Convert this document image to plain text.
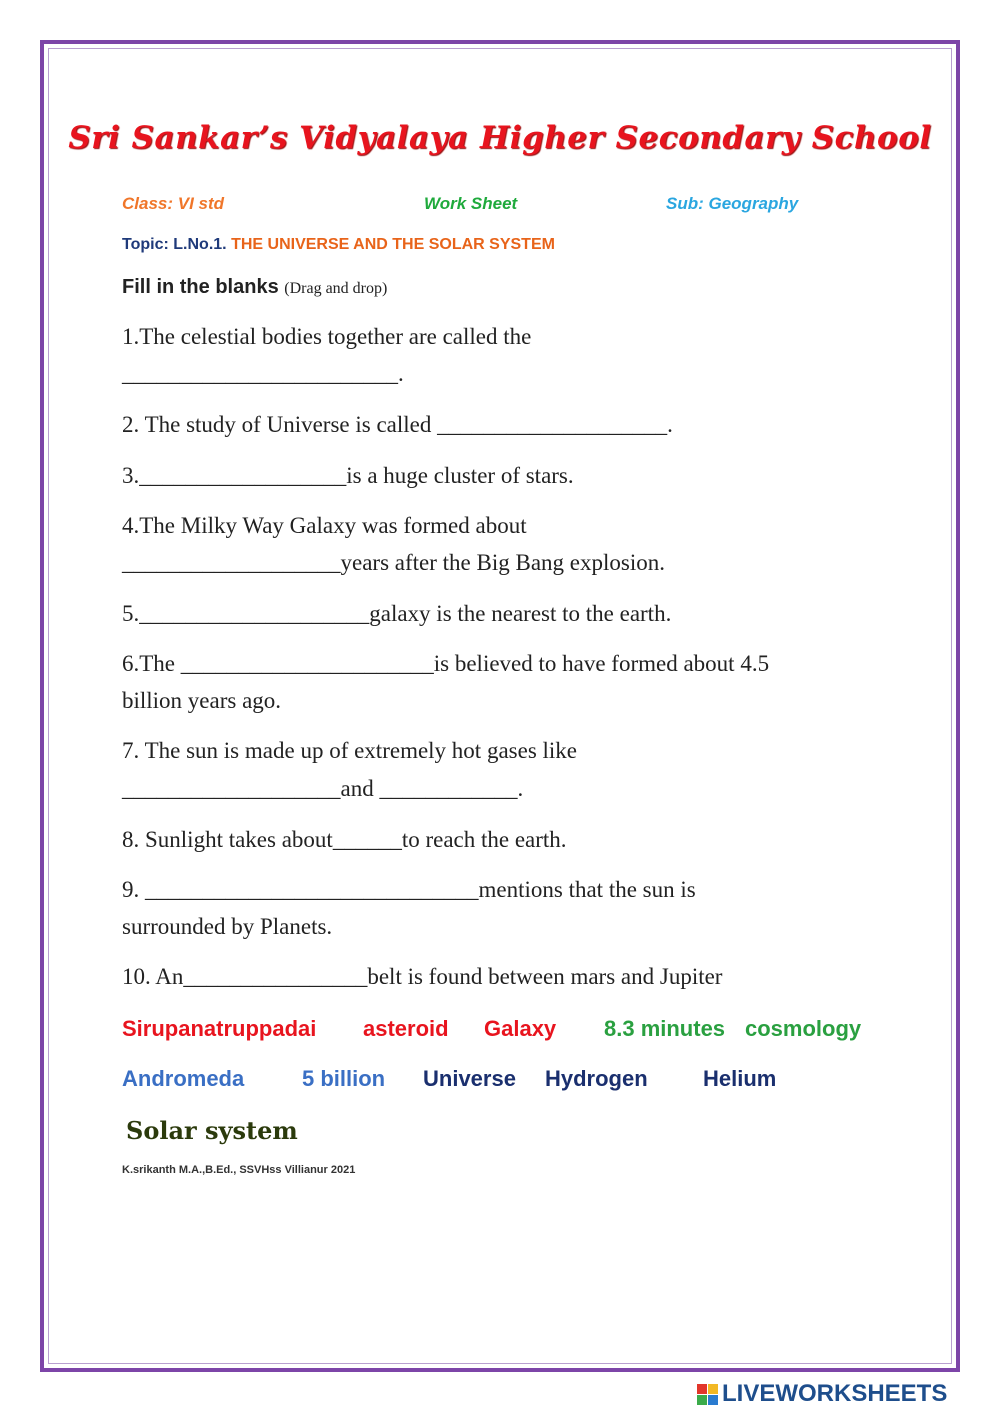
Sri Sankar’s Vidyalaya Higher Secondary School
Class: VI std	Work Sheet	Sub: Geography
Topic: L.No.1. THE UNIVERSE AND THE SOLAR SYSTEM
Fill in the blanks (Drag and drop)
1.The celestial bodies together are called the
________________________.
2. The study of Universe is called ____________________.
3.__________________is a huge cluster of stars.
4.The Milky Way Galaxy was formed about
___________________years after the Big Bang explosion.
5.____________________galaxy is the nearest to the earth.
6.The ______________________is believed to have formed about 4.5
billion years ago.
7. The sun is made up of extremely hot gases like
___________________and ____________.
8. Sunlight takes about______to reach the earth.
9. _____________________________mentions that the sun is
surrounded by Planets.
10. An________________belt is found between mars and Jupiter
Sirupanatruppadai asteroid Galaxy 8.3 minutes cosmology
Andromeda	5 billion Universe Hydrogen	Helium
Solar system
K.srikanth M.A.,B.Ed., SSVHss Villianur 2021
LIVEWORKSHEETS
